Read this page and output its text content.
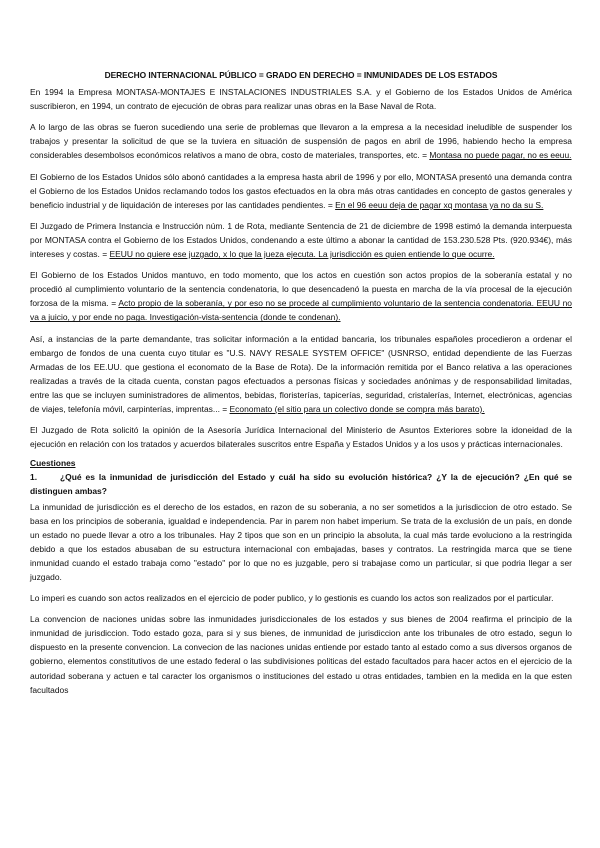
DERECHO INTERNACIONAL PÚBLICO = GRADO EN DERECHO = INMUNIDADES DE LOS ESTADOS

En 1994 la Empresa MONTASA-MONTAJES E INSTALACIONES INDUSTRIALES S.A. y el Gobierno de los Estados Unidos de América suscribieron, en 1994, un contrato de ejecución de obras para realizar unas obras en la Base Naval de Rota.

A lo largo de las obras se fueron sucediendo una serie de problemas que llevaron a la empresa a la necesidad ineludible de suspender los trabajos y presentar la solicitud de que se la tuviera en situación de suspensión de pagos en abril de 1996, habiendo hecho la empresa considerables desembolsos económicos relativos a mano de obra, costo de materiales, transportes, etc. = Montasa no puede pagar, no es eeuu.

El Gobierno de los Estados Unidos sólo abonó cantidades a la empresa hasta abril de 1996 y por ello, MONTASA presentó una demanda contra el Gobierno de los Estados Unidos reclamando todos los gastos efectuados en la obra más otras cantidades en concepto de gastos generales y beneficio industrial y de liquidación de intereses por las cantidades pendientes. = En el 96 eeuu deja de pagar xq montasa ya no da su S.

El Juzgado de Primera Instancia e Instrucción núm. 1 de Rota, mediante Sentencia de 21 de diciembre de 1998 estimó la demanda interpuesta por MONTASA contra el Gobierno de los Estados Unidos, condenando a este último a abonar la cantidad de 153.230.528 Pts. (920.934€), más intereses y costas. = EEUU no quiere ese juzgado, x lo que la jueza ejecuta. La jurisdicción es quien entiende lo que ocurre.

El Gobierno de los Estados Unidos mantuvo, en todo momento, que los actos en cuestión son actos propios de la soberanía estatal y no procedió al cumplimiento voluntario de la sentencia condenatoria, lo que desencadenó la puesta en marcha de la vía procesal de la ejecución forzosa de la misma. = Acto propio de la soberanía, y por eso no se procede al cumplimiento voluntario de la sentencia condenatoria. EEUU no va a juicio, y por ende no paga. Investigación-vista-sentencia (donde te condenan).

Así, a instancias de la parte demandante, tras solicitar información a la entidad bancaria, los tribunales españoles procedieron a ordenar el embargo de fondos de una cuenta cuyo titular es "U.S. NAVY RESALE SYSTEM OFFICE" (USNRSO, entidad dependiente de las Fuerzas Armadas de los EE.UU. que gestiona el economato de la Base de Rota). De la información remitida por el Banco relativa a las operaciones realizadas a través de la citada cuenta, constan pagos efectuados a personas físicas y sociedades anónimas y de responsabilidad limitadas, entre las que se incluyen suministradores de alimentos, bebidas, floristerías, tapicerías, seguridad, cristalerías, Internet, electrónicas, agencias de viajes, telefonía móvil, carpinterías, imprentas... = Economato (el sitio para un colectivo donde se compra más barato).

El Juzgado de Rota solicitó la opinión de la Asesoría Jurídica Internacional del Ministerio de Asuntos Exteriores sobre la idoneidad de la ejecución en relación con los tratados y acuerdos bilaterales suscritos entre España y Estados Unidos y a los usos y prácticas internacionales.

Cuestiones
1.	¿Qué es la inmunidad de jurisdicción del Estado y cuál ha sido su evolución histórica? ¿Y la de ejecución? ¿En qué se distinguen ambas?

La inmunidad de jurisdicción es el derecho de los estados, en razon de su soberania, a no ser sometidos a la jurisdiccion de otro estado. Se basa en los principios de soberania, igualdad e independencia. Par in parem non habet imperium. Se trata de la exclusión de un país, en donde un estado no puede llevar a otro a los tribunales. Hay 2 tipos que son en un principio la absoluta, la cual más tarde evoluciono a la restringida debido a que los estados abusaban de su estructura internacional con embajadas, bases y contratos. La restringida marca que se tiene inmunidad cuando el estado trabaja como "estado" por lo que no es juzgable, pero si trabajase como un particular, si que podria llegar a ser juzgado.

Lo imperi es cuando son actos realizados en el ejercicio de poder publico, y lo gestionis es cuando los actos son realizados por el particular.

La convencion de naciones unidas sobre las inmunidades jurisdiccionales de los estados y sus bienes de 2004 reafirma el principio de la inmunidad de jurisdiccion. Todo estado goza, para si y sus bienes, de inmunidad de jurisdiccion ante los tribunales de otro estado, segun lo dispuesto en la presente convencion. La convecion de las naciones unidas entiende por estado tanto al estado como a sus diversos organos de gobierno, elementos constitutivos de une estado federal o las subdivisiones politicas del estado facultados para hacer actos en el ejercicio de la autoridad soberana y actuen e tal caracter los organismos o instituciones del estado u otras entidades, tambien en la medida en la que esten facultados
